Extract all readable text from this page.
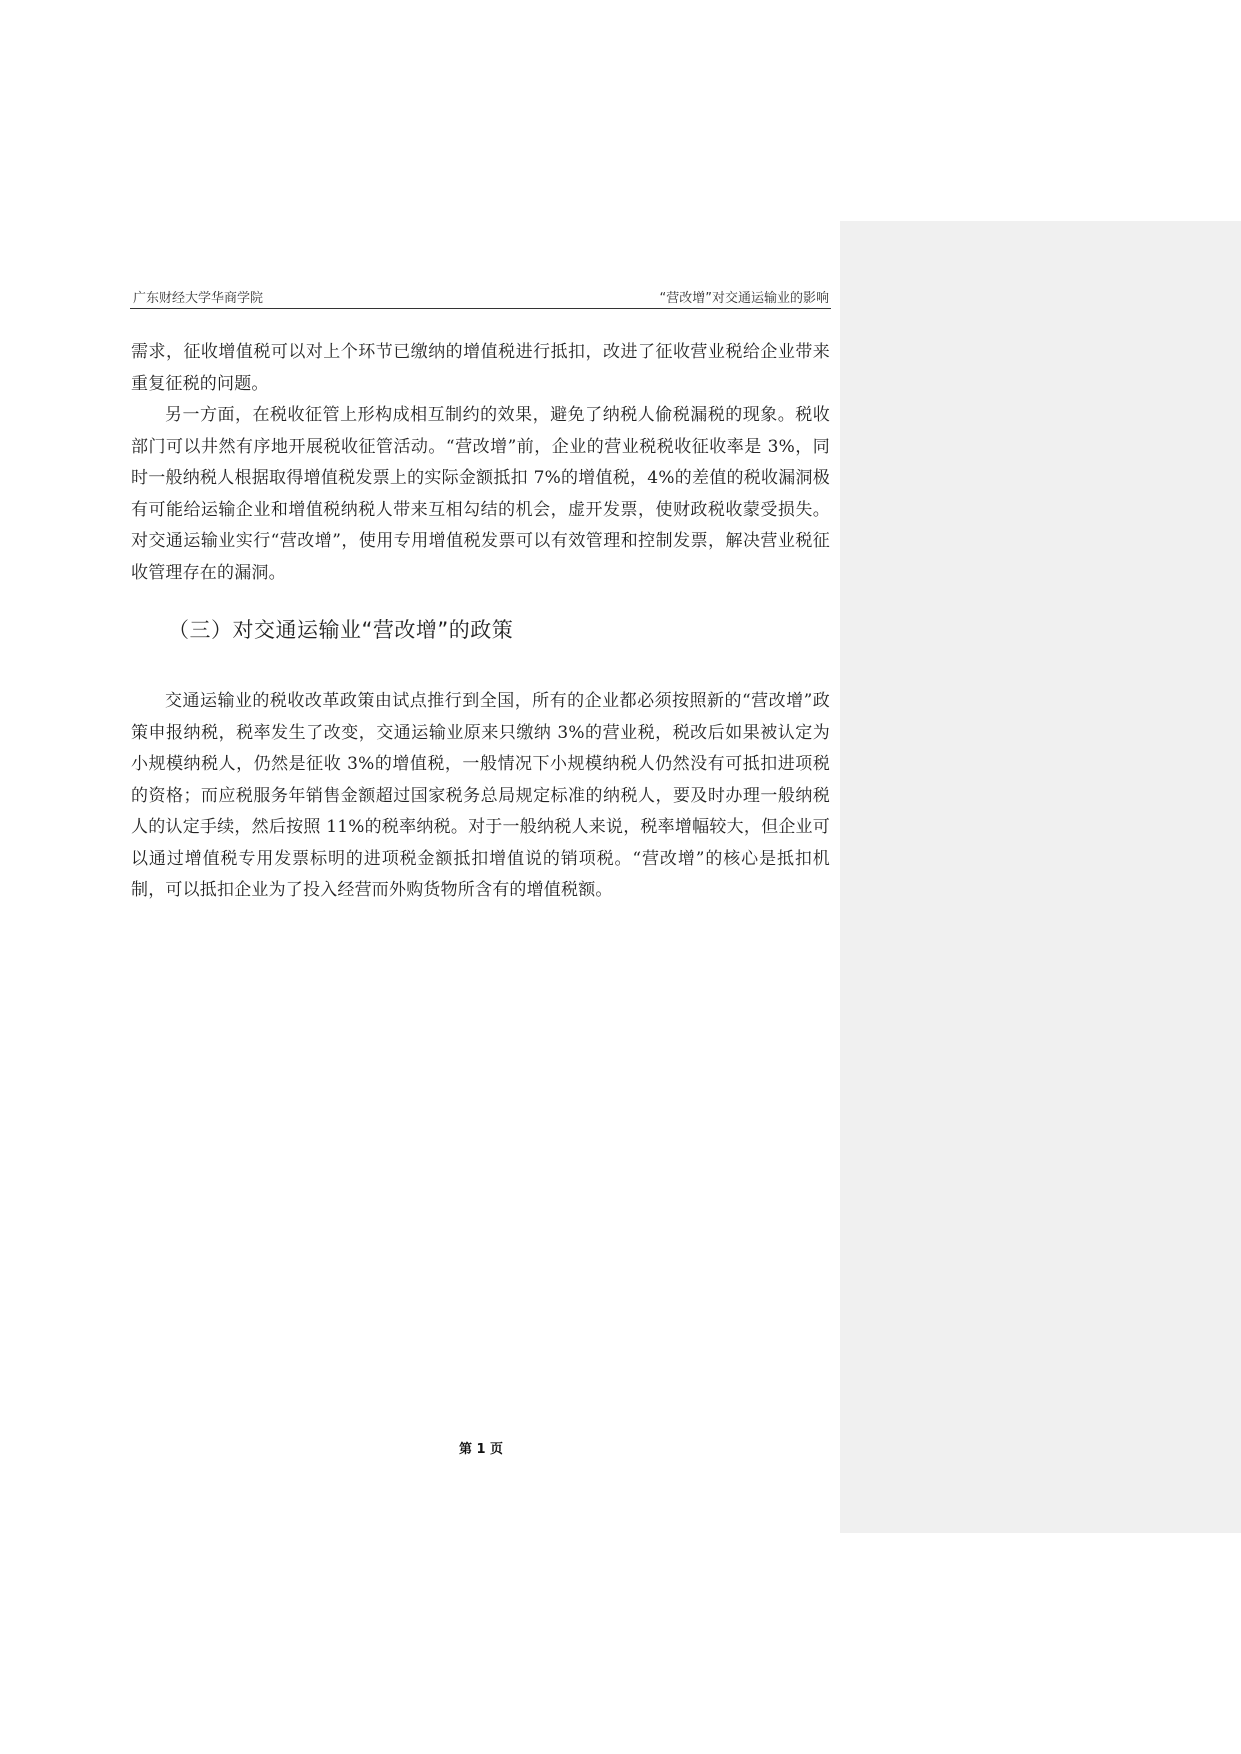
广东财经大学华商学院	“营改增”对交通运输业的影响

需求，征收增值税可以对上个环节已缴纳的增值税进行抵扣，改进了征收营业税给企业带来重复征税的问题。

另一方面，在税收征管上形构成相互制约的效果，避免了纳税人偷税漏税的现象。税收部门可以井然有序地开展税收征管活动。“营改增”前，企业的营业税税收征收率是 3%，同时一般纳税人根据取得增值税发票上的实际金额抵扣 7%的增值税，4%的差值的税收漏洞极有可能给运输企业和增值税纳税人带来互相勾结的机会，虚开发票，使财政税收蒙受损失。对交通运输业实行“营改增”，使用专用增值税发票可以有效管理和控制发票，解决营业税征收管理存在的漏洞。

（三）对交通运输业“营改增”的政策

交通运输业的税收改革政策由试点推行到全国，所有的企业都必须按照新的“营改增”政策申报纳税，税率发生了改变，交通运输业原来只缴纳 3%的营业税，税改后如果被认定为小规模纳税人，仍然是征收 3%的增值税，一般情况下小规模纳税人仍然没有可抵扣进项税的资格；而应税服务年销售金额超过国家税务总局规定标准的纳税人，要及时办理一般纳税人的认定手续，然后按照 11%的税率纳税。对于一般纳税人来说，税率增幅较大，但企业可以通过增值税专用发票标明的进项税金额抵扣增值说的销项税。“营改增”的核心是抵扣机制，可以抵扣企业为了投入经营而外购货物所含有的增值税额。

第 1 页
